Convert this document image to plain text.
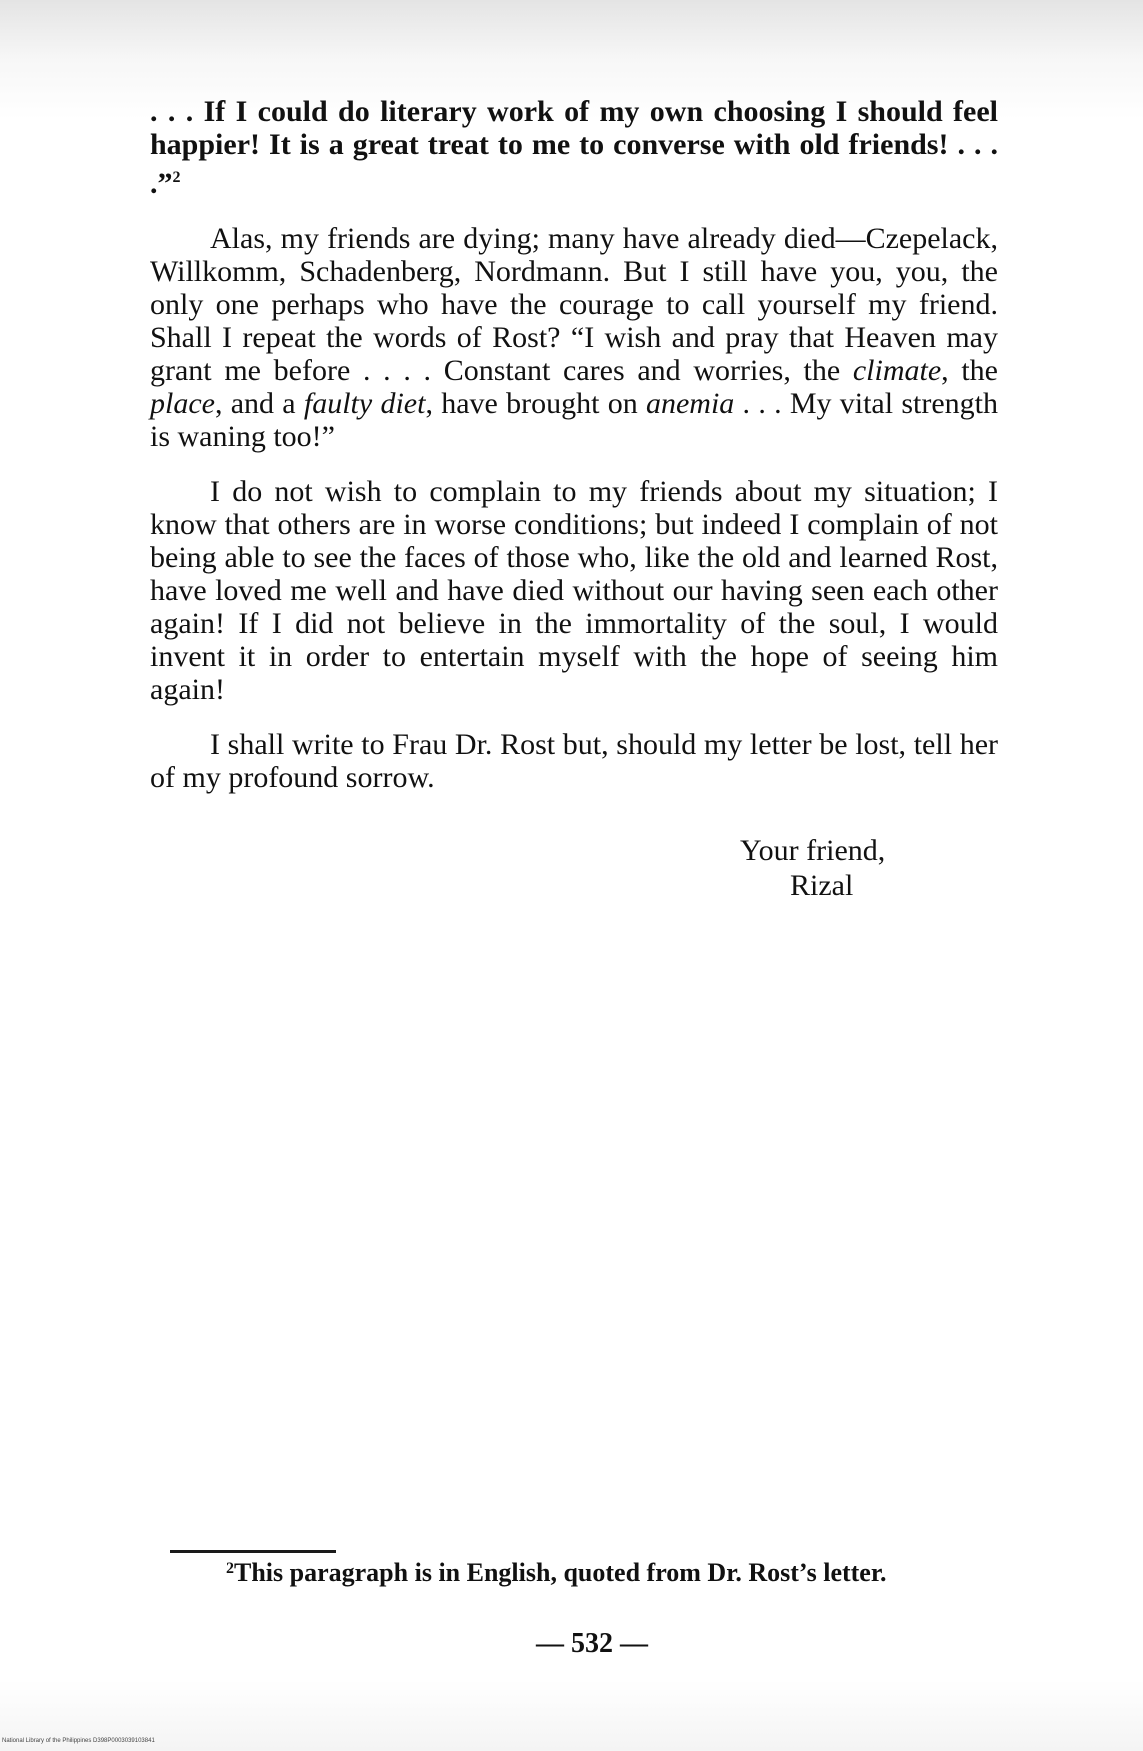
. . . If I could do literary work of my own choosing I should feel happier! It is a great treat to me to converse with old friends! . . . .”$^2$

Alas, my friends are dying; many have already died—Czepelack, Willkomm, Schadenberg, Nordmann. But I still have you, you, the only one perhaps who have the courage to call yourself my friend. Shall I repeat the words of Rost? “I wish and pray that Heaven may grant me before . . . . Constant cares and worries, the climate, the place, and a faulty diet, have brought on anemia . . . My vital strength is waning too!”

I do not wish to complain to my friends about my situation; I know that others are in worse conditions; but indeed I complain of not being able to see the faces of those who, like the old and learned Rost, have loved me well and have died without our having seen each other again! If I did not believe in the immortality of the soul, I would invent it in order to entertain myself with the hope of seeing him again!

I shall write to Frau Dr. Rost but, should my letter be lost, tell her of my profound sorrow.

Your friend,
Rizal
$^2$This paragraph is in English, quoted from Dr. Rost’s letter.
— 532 —
National Library of the Philippines D398P0003039103841
